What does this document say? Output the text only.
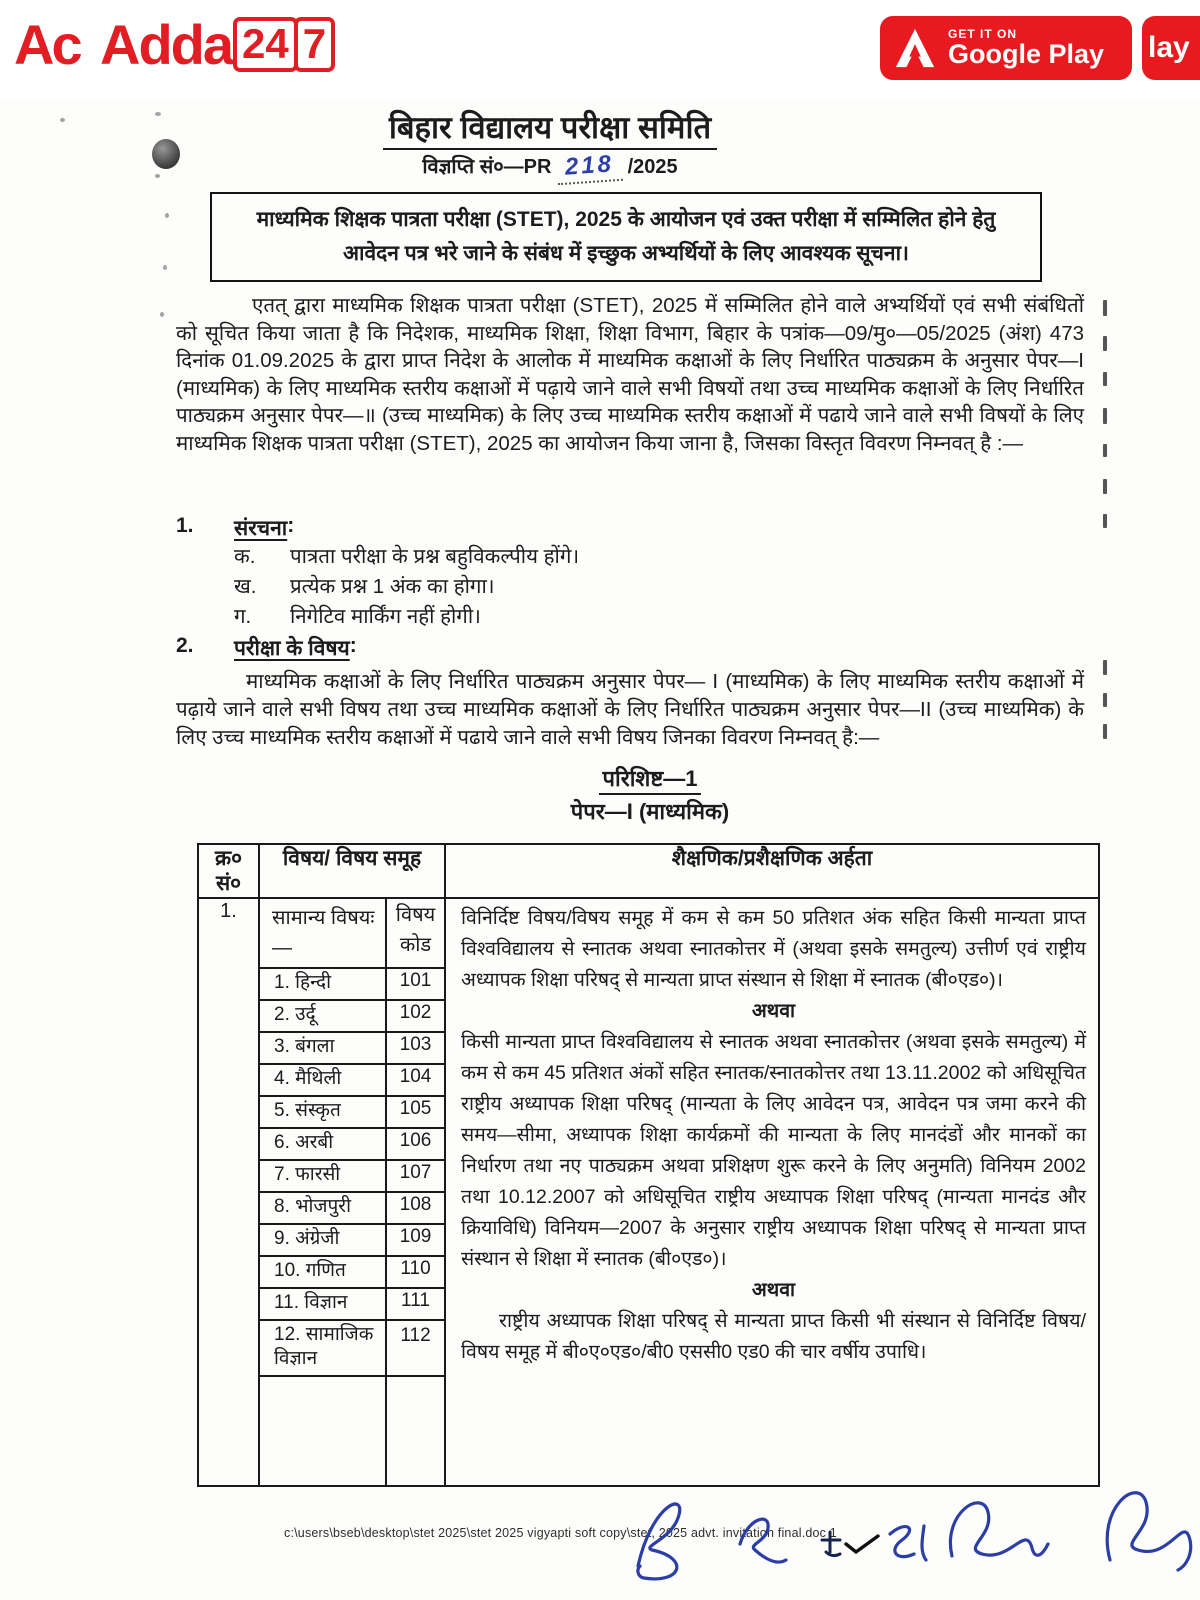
Ac Adda 24 7	GET IT ON
Google Play lay
बिहार विद्यालय परीक्षा समिति
विज्ञप्ति सं०—PR 218 /2025
माध्यमिक शिक्षक पात्रता परीक्षा (STET), 2025 के आयोजन एवं उक्त परीक्षा में सम्मिलित होने हेतु
आवेदन पत्र भरे जाने के संबंध में इच्छुक अभ्यर्थियों के लिए आवश्यक सूचना।

एतत् द्वारा माध्यमिक शिक्षक पात्रता परीक्षा (STET), 2025 में सम्मिलित होने वाले अभ्यर्थियों एवं सभी संबंधितों को सूचित किया जाता है कि निदेशक, माध्यमिक शिक्षा, शिक्षा विभाग, बिहार के पत्रांक—09/मु०—05/2025 (अंश) 473 दिनांक 01.09.2025 के द्वारा प्राप्त निदेश के आलोक में माध्यमिक कक्षाओं के लिए निर्धारित पाठ्यक्रम के अनुसार पेपर—I (माध्यमिक) के लिए माध्यमिक स्तरीय कक्षाओं में पढ़ाये जाने वाले सभी विषयों तथा उच्च माध्यमिक कक्षाओं के लिए निर्धारित पाठ्यक्रम अनुसार पेपर—॥ (उच्च माध्यमिक) के लिए उच्च माध्यमिक स्तरीय कक्षाओं में पढाये जाने वाले सभी विषयों के लिए माध्यमिक शिक्षक पात्रता परीक्षा (STET), 2025 का आयोजन किया जाना है, जिसका विस्तृत विवरण निम्नवत् है :—

1.	संरचना :
क.	पात्रता परीक्षा के प्रश्न बहुविकल्पीय होंगे।
ख.	प्रत्येक प्रश्न 1 अंक का होगा।
ग.	निगेटिव मार्किंग नहीं होगी।
2.	परीक्षा के विषय :

माध्यमिक कक्षाओं के लिए निर्धारित पाठ्यक्रम अनुसार पेपर— I (माध्यमिक) के लिए माध्यमिक स्तरीय कक्षाओं में पढ़ाये जाने वाले सभी विषय तथा उच्च माध्यमिक कक्षाओं के लिए निर्धारित पाठ्यक्रम अनुसार पेपर—II (उच्च माध्यमिक) के लिए उच्च माध्यमिक स्तरीय कक्षाओं में पढाये जाने वाले सभी विषय जिनका विवरण निम्नवत् है:—

परिशिष्ट—1
पेपर—I (माध्यमिक)
क्र०
सं०	विषय/ विषय समूह		शैक्षणिक/प्रशैक्षणिक अर्हता
1.	सामान्य विषयः—	विषय कोड	विनिर्दिष्ट विषय/विषय समूह में कम से कम 50 प्रतिशत अंक सहित किसी मान्यता प्राप्त विश्वविद्यालय से स्नातक अथवा स्नातकोत्तर में (अथवा इसके समतुल्य) उत्तीर्ण एवं राष्ट्रीय अध्यापक शिक्षा परिषद् से मान्यता प्राप्त संस्थान से शिक्षा में स्नातक (बी०एड०)।

अथवा

किसी मान्यता प्राप्त विश्वविद्यालय से स्नातक अथवा स्नातकोत्तर (अथवा इसके समतुल्य) में कम से कम 45 प्रतिशत अंकों सहित स्नातक/स्नातकोत्तर तथा 13.11.2002 को अधिसूचित राष्ट्रीय अध्यापक शिक्षा परिषद् (मान्यता के लिए आवेदन पत्र, आवेदन पत्र जमा करने की समय—सीमा, अध्यापक शिक्षा कार्यक्रमों की मान्यता के लिए मानदंडों और मानकों का निर्धारण तथा नए पाठ्यक्रम अथवा प्रशिक्षण शुरू करने के लिए अनुमति) विनियम 2002 तथा 10.12.2007 को अधिसूचित राष्ट्रीय अध्यापक शिक्षा परिषद् (मान्यता मानदंड और क्रियाविधि) विनियम—2007 के अनुसार राष्ट्रीय अध्यापक शिक्षा परिषद् से मान्यता प्राप्त संस्थान से शिक्षा में स्नातक (बी०एड०)।

अथवा

राष्ट्रीय अध्यापक शिक्षा परिषद् से मान्यता प्राप्त किसी भी संस्थान से विनिर्दिष्ट विषय/विषय समूह में बी०ए०एड०/बी0 एससी0 एड0 की चार वर्षीय उपाधि।

	1. हिन्दी	101	
	2. उर्दू	102	
	3. बंगला	103	
	4. मैथिली	104	
	5. संस्कृत	105	
	6. अरबी	106	
	7. फारसी	107	
	8. भोजपुरी	108	
	9. अंग्रेजी	109	
	10. गणित	110	
	11. विज्ञान	111	
	12. सामाजिक विज्ञान	112	

c:\users\bseb\desktop\stet 2025\stet 2025 vigyapti soft copy\stet, 2025 advt. invitation final.doc 1
